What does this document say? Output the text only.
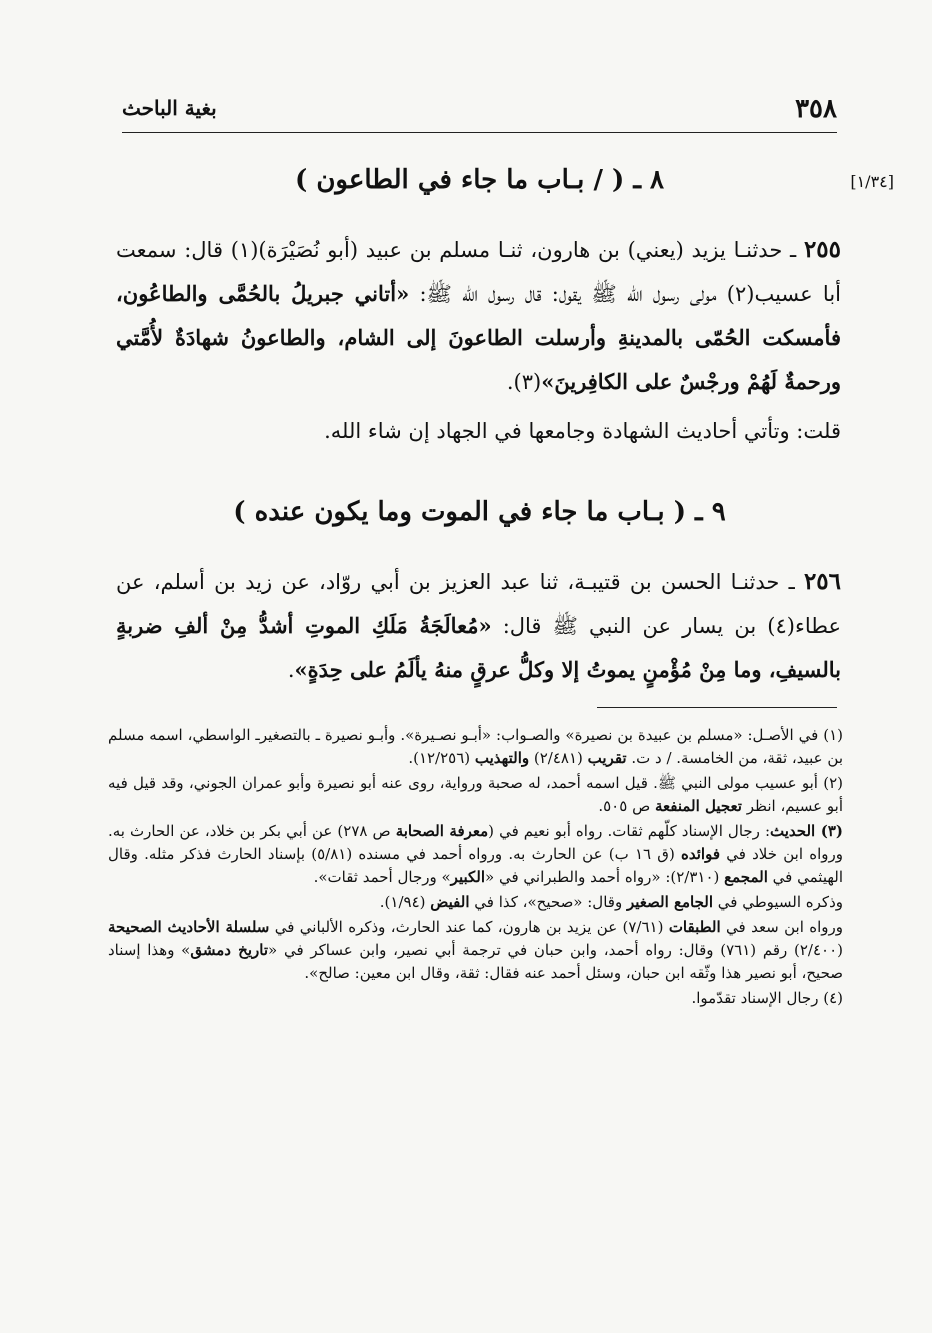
٣٥٨
بغية الباحث
[١/٣٤]
٨ ـ ( / بـاب ما جاء في الطاعون )

٢٥٥ ـ حدثنـا يزيد (يعني) بن هارون، ثنـا مسلم بن عبيد (أبو نُصَيْرَة)(١) قال: سمعت أبا عسيب(٢) مولى رسول الله ﷺ يقول: قال رسول الله ﷺ: «أتاني جبريلُ بالحُمَّى والطاعُون، فأمسكت الحُمّى بالمدينةِ وأرسلت الطاعونَ إلى الشام، والطاعونُ شهادَةٌ لأُمَّتي ورحمةٌ لَهُمْ ورجْسٌ على الكافِرينَ»(٣).

قلت: وتأتي أحاديث الشهادة وجامعها في الجهاد إن شاء الله.

٩ ـ ( بـاب ما جاء في الموت وما يكون عنده )

٢٥٦ ـ حدثنـا الحسن بن قتيبـة، ثنا عبد العزيز بن أبي روّاد، عن زيد بن أسلم، عن عطاء(٤) بن يسار عن النبي ﷺ قال: «مُعالَجَةُ مَلَكِ الموتِ أشدُّ مِنْ ألفِ ضربةٍ بالسيفِ، وما مِنْ مُؤْمنٍ يموتُ إلا وكلُّ عرقٍ منهُ يألَمُ على حِدَةٍ».

(١) في الأصـل: «مسلم بن عبيدة بن نصيرة» والصـواب: «أبـو نصـيرة». وأبـو نصيرة ـ بالتصغيرـ الواسطي، اسمه مسلم بن عبيد، ثقة، من الخامسة. / د ت. تقريب (٢/٤٨١) والتهذيب (١٢/٢٥٦).

(٢) أبو عسيب مولى النبي ﷺ. قيل اسمه أحمد، له صحبة ورواية، روى عنه أبو نصيرة وأبو عمران الجوني، وقد قيل فيه أبو عسيم، انظر تعجيل المنفعة ص ٥٠٥.

(٣) الحديث: رجال الإسناد كلّهم ثقات. رواه أبو نعيم في (معرفة الصحابة ص ٢٧٨) عن أبي بكر بن خلاد، عن الحارث به. ورواه ابن خلاد في فوائده (ق ١٦ ب) عن الحارث به. ورواه أحمد في مسنده (٥/٨١) بإسناد الحارث فذكر مثله. وقال الهيثمي في المجمع (٢/٣١٠): «رواه أحمد والطبراني في «الكبير» ورجال أحمد ثقات».

وذكره السيوطي في الجامع الصغير وقال: «صحيح»، كذا في الفيض (١/٩٤).

ورواه ابن سعد في الطبقات (٧/٦١) عن يزيد بن هارون، كما عند الحارث، وذكره الألباني في سلسلة الأحاديث الصحيحة (٢/٤٠٠) رقم (٧٦١) وقال: رواه أحمد، وابن حبان في ترجمة أبي نصير، وابن عساكر في «تاريخ دمشق» وهذا إسناد صحيح، أبو نصير هذا وثّقه ابن حبان، وسئل أحمد عنه فقال: ثقة، وقال ابن معين: صالح».

(٤) رجال الإسناد تقدّموا.
